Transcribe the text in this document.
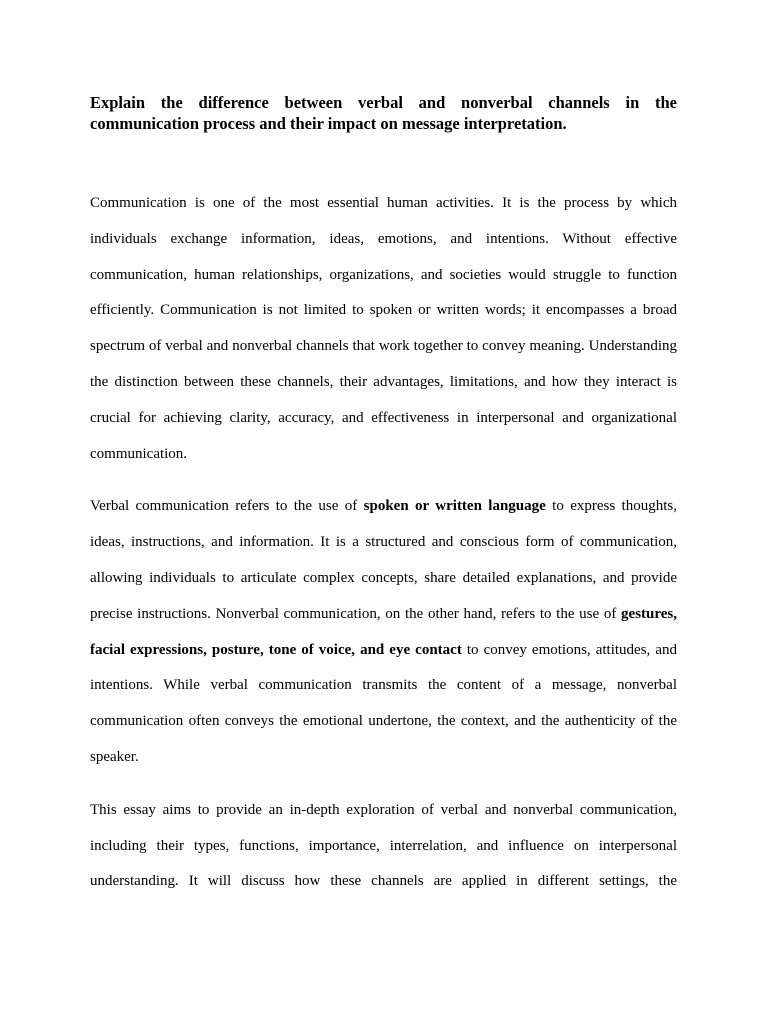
Explain the difference between verbal and nonverbal channels in the communication process and their impact on message interpretation.

Communication is one of the most essential human activities. It is the process by which individuals exchange information, ideas, emotions, and intentions. Without effective communication, human relationships, organizations, and societies would struggle to function efficiently. Communication is not limited to spoken or written words; it encompasses a broad spectrum of verbal and nonverbal channels that work together to convey meaning. Understanding the distinction between these channels, their advantages, limitations, and how they interact is crucial for achieving clarity, accuracy, and effectiveness in interpersonal and organizational communication.

Verbal communication refers to the use of spoken or written language to express thoughts, ideas, instructions, and information. It is a structured and conscious form of communication, allowing individuals to articulate complex concepts, share detailed explanations, and provide precise instructions. Nonverbal communication, on the other hand, refers to the use of gestures, facial expressions, posture, tone of voice, and eye contact to convey emotions, attitudes, and intentions. While verbal communication transmits the content of a message, nonverbal communication often conveys the emotional undertone, the context, and the authenticity of the speaker.

This essay aims to provide an in-depth exploration of verbal and nonverbal communication, including their types, functions, importance, interrelation, and influence on interpersonal understanding. It will discuss how these channels are applied in different settings, the
